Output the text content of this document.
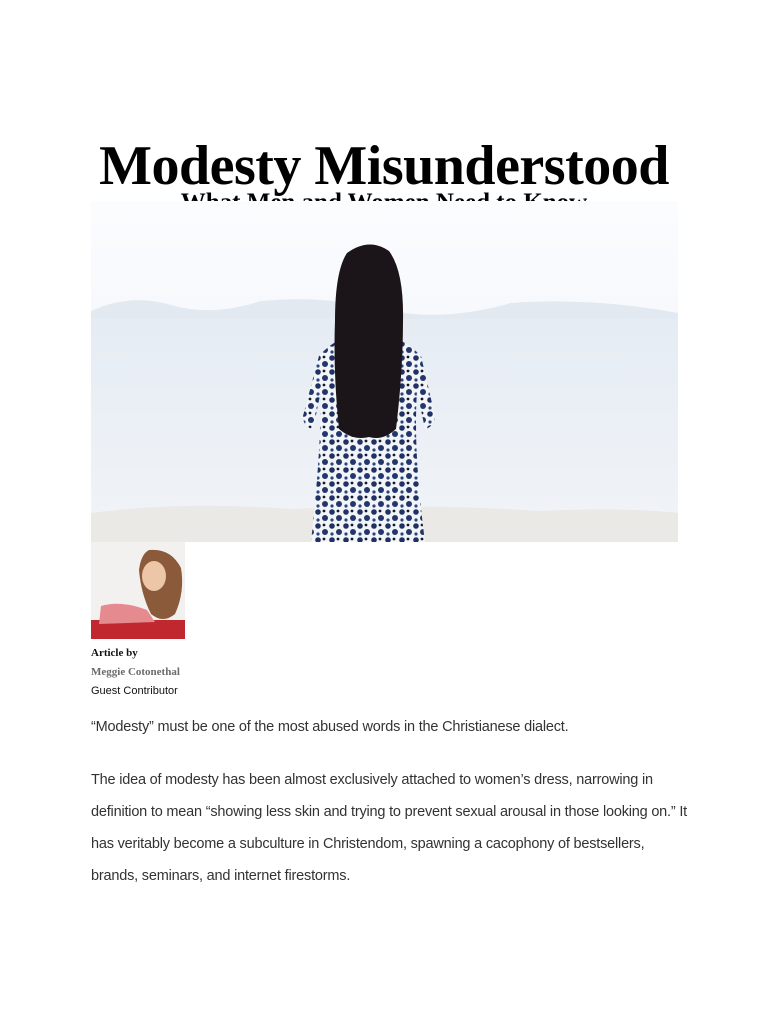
Modesty Misunderstood
Article by
Meggie Cotonethal
Guest Contributor

“Modesty” must be one of the most abused words in the Christianese dialect.

The idea of modesty has been almost exclusively attached to women’s dress, narrowing in definition to mean “showing less skin and trying to prevent sexual arousal in those looking on.” It has veritably become a subculture in Christendom, spawning a cacophony of bestsellers, brands, seminars, and internet firestorms.
